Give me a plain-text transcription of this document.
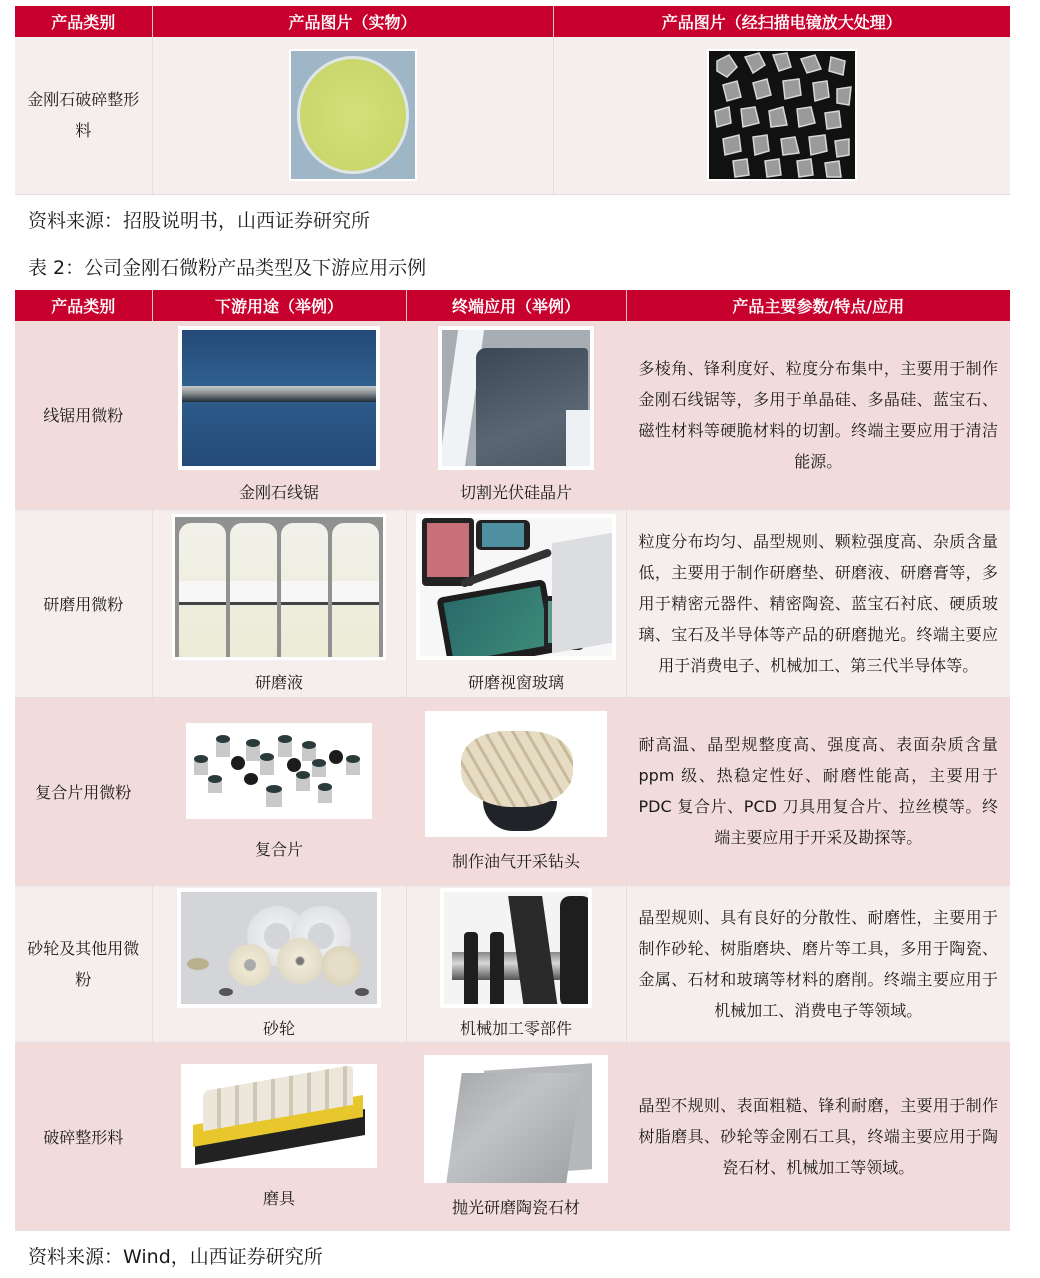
产品类别	产品图片（实物）	产品图片（经扫描电镜放大处理）
金刚石破碎整形料	

资料来源：招股说明书，山西证券研究所
表 2：公司金刚石微粉产品类型及下游应用示例
产品类别	下游用途（举例）	终端应用（举例）	产品主要参数/特点/应用
线锯用微粉	金刚石线锯	切割光伏硅晶片	多棱角、锋利度好、粒度分布集中，主要用于制作金刚石线锯等，多用于单晶硅、多晶硅、蓝宝石、磁性材料等硬脆材料的切割。终端主要应用于清洁能源。

研磨用微粉	研磨液	研磨视窗玻璃	粒度分布均匀、晶型规则、颗粒强度高、杂质含量低，主要用于制作研磨垫、研磨液、研磨膏等，多用于精密元器件、精密陶瓷、蓝宝石衬底、硬质玻璃、宝石及半导体等产品的研磨抛光。终端主要应用于消费电子、机械加工、第三代半导体等。

复合片用微粉	复合片	制作油气开采钻头	耐高温、晶型规整度高、强度高、表面杂质含量 ppm 级、热稳定性好、耐磨性能高，主要用于 PDC 复合片、PCD 刀具用复合片、拉丝模等。终端主要应用于开采及勘探等。

砂轮及其他用微粉	砂轮	机械加工零部件	晶型规则、具有良好的分散性、耐磨性，主要用于制作砂轮、树脂磨块、磨片等工具，多用于陶瓷、金属、石材和玻璃等材料的磨削。终端主要应用于机械加工、消费电子等领域。

破碎整形料	磨具	抛光研磨陶瓷石材	晶型不规则、表面粗糙、锋利耐磨，主要用于制作树脂磨具、砂轮等金刚石工具，终端主要应用于陶瓷石材、机械加工等领域。
资料来源：Wind，山西证券研究所
